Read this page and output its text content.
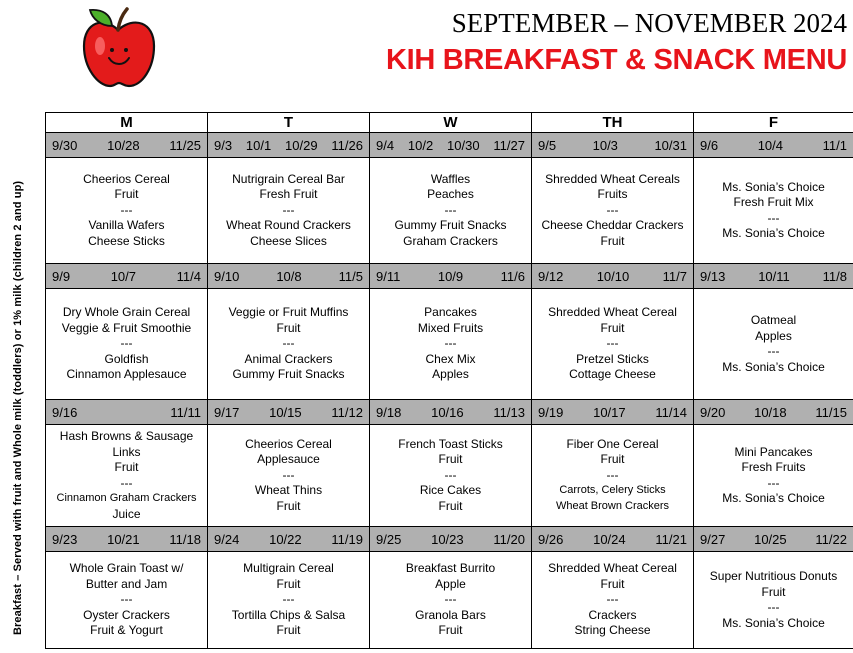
Breakfast – Served with fruit and Whole milk (toddlers) or 1% milk (children 2 and up)
SEPTEMBER – NOVEMBER 2024
KIH BREAKFAST & SNACK MENU
M	T	W	TH	F

9/30 10/28 11/25	9/3 10/1 10/29 11/26	9/4 10/2 10/30 11/27	9/5 10/3 10/31	9/6 10/4 11/1

Cheerios Cereal
Fruit
---
Vanilla Wafers
Cheese Sticks	Nutrigrain Cereal Bar
Fresh Fruit
---
Wheat Round Crackers
Cheese Slices	Waffles
Peaches
---
Gummy Fruit Snacks
Graham Crackers	Shredded Wheat Cereals
Fruits
---
Cheese Cheddar Crackers
Fruit	Ms. Sonia’s Choice
Fresh Fruit Mix
---
Ms. Sonia’s Choice

9/9 10/7 11/4	9/10 10/8 11/5	9/11 10/9 11/6	9/12 10/10 11/7	9/13 10/11 11/8

Dry Whole Grain Cereal
Veggie & Fruit Smoothie
---
Goldfish
Cinnamon Applesauce	Veggie or Fruit Muffins
Fruit
---
Animal Crackers
Gummy Fruit Snacks	Pancakes
Mixed Fruits
---
Chex Mix
Apples	Shredded Wheat Cereal
Fruit
---
Pretzel Sticks
Cottage Cheese	Oatmeal
Apples
---
Ms. Sonia’s Choice

9/16 11/11	9/17 10/15 11/12	9/18 10/16 11/13	9/19 10/17 11/14	9/20 10/18 11/15

Hash Browns & Sausage Links
Fruit
---
Cinnamon Graham Crackers
Juice	Cheerios Cereal
Applesauce
---
Wheat Thins
Fruit	French Toast Sticks
Fruit
---
Rice Cakes
Fruit	Fiber One Cereal
Fruit
---
Carrots, Celery Sticks
Wheat Brown Crackers	Mini Pancakes
Fresh Fruits
---
Ms. Sonia’s Choice

9/23 10/21 11/18	9/24 10/22 11/19	9/25 10/23 11/20	9/26 10/24 11/21	9/27 10/25 11/22

Whole Grain Toast w/
Butter and Jam
---
Oyster Crackers
Fruit & Yogurt	Multigrain Cereal
Fruit
---
Tortilla Chips & Salsa
Fruit	Breakfast Burrito
Apple
---
Granola Bars
Fruit	Shredded Wheat Cereal
Fruit
---
Crackers
String Cheese	Super Nutritious Donuts
Fruit
---
Ms. Sonia’s Choice
